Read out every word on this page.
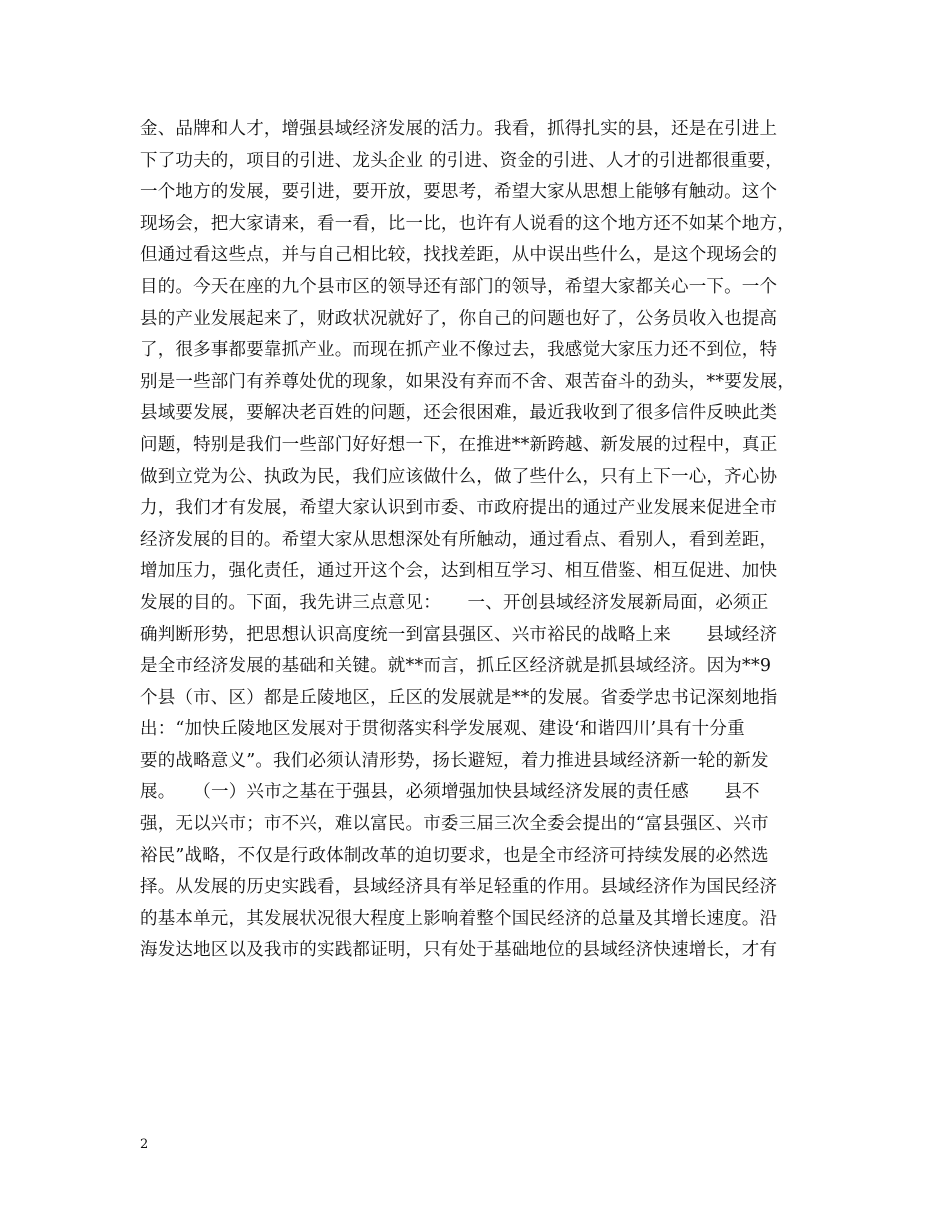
金、品牌和人才，增强县域经济发展的活力。我看，抓得扎实的县，还是在引进上
下了功夫的，项目的引进、龙头企业 的引进、资金的引进、人才的引进都很重要，
一个地方的发展，要引进，要开放，要思考，希望大家从思想上能够有触动。这个
现场会，把大家请来，看一看，比一比，也许有人说看的这个地方还不如某个地方，
但通过看这些点，并与自己相比较，找找差距，从中误出些什么，是这个现场会的
目的。今天在座的九个县市区的领导还有部门的领导，希望大家都关心一下。一个
县的产业发展起来了，财政状况就好了，你自己的问题也好了，公务员收入也提高
了，很多事都要靠抓产业。而现在抓产业不像过去，我感觉大家压力还不到位，特
别是一些部门有养尊处优的现象，如果没有弃而不舍、艰苦奋斗的劲头，**要发展，
县域要发展，要解决老百姓的问题，还会很困难，最近我收到了很多信件反映此类
问题，特别是我们一些部门好好想一下，在推进**新跨越、新发展的过程中，真正
做到立党为公、执政为民，我们应该做什么，做了些什么，只有上下一心，齐心协
力，我们才有发展，希望大家认识到市委、市政府提出的通过产业发展来促进全市
经济发展的目的。希望大家从思想深处有所触动，通过看点、看别人，看到差距，
增加压力，强化责任，通过开这个会，达到相互学习、相互借鉴、相互促进、加快
发展的目的。下面，我先讲三点意见：　　一、开创县域经济发展新局面，必须正
确判断形势，把思想认识高度统一到富县强区、兴市裕民的战略上来　　县域经济
是全市经济发展的基础和关键。就**而言，抓丘区经济就是抓县域经济。因为**9
个县（市、区）都是丘陵地区，丘区的发展就是**的发展。省委学忠书记深刻地指
出：“加快丘陵地区发展对于贯彻落实科学发展观、建设‘和谐四川’具有十分重
要的战略意义”。我们必须认清形势，扬长避短，着力推进县域经济新一轮的新发
展。　　（一）兴市之基在于强县，必须增强加快县域经济发展的责任感　　县不
强，无以兴市；市不兴，难以富民。市委三届三次全委会提出的“富县强区、兴市
裕民”战略，不仅是行政体制改革的迫切要求，也是全市经济可持续发展的必然选
择。从发展的历史实践看，县域经济具有举足轻重的作用。县域经济作为国民经济
的基本单元，其发展状况很大程度上影响着整个国民经济的总量及其增长速度。沿
海发达地区以及我市的实践都证明，只有处于基础地位的县域经济快速增长，才有
2
